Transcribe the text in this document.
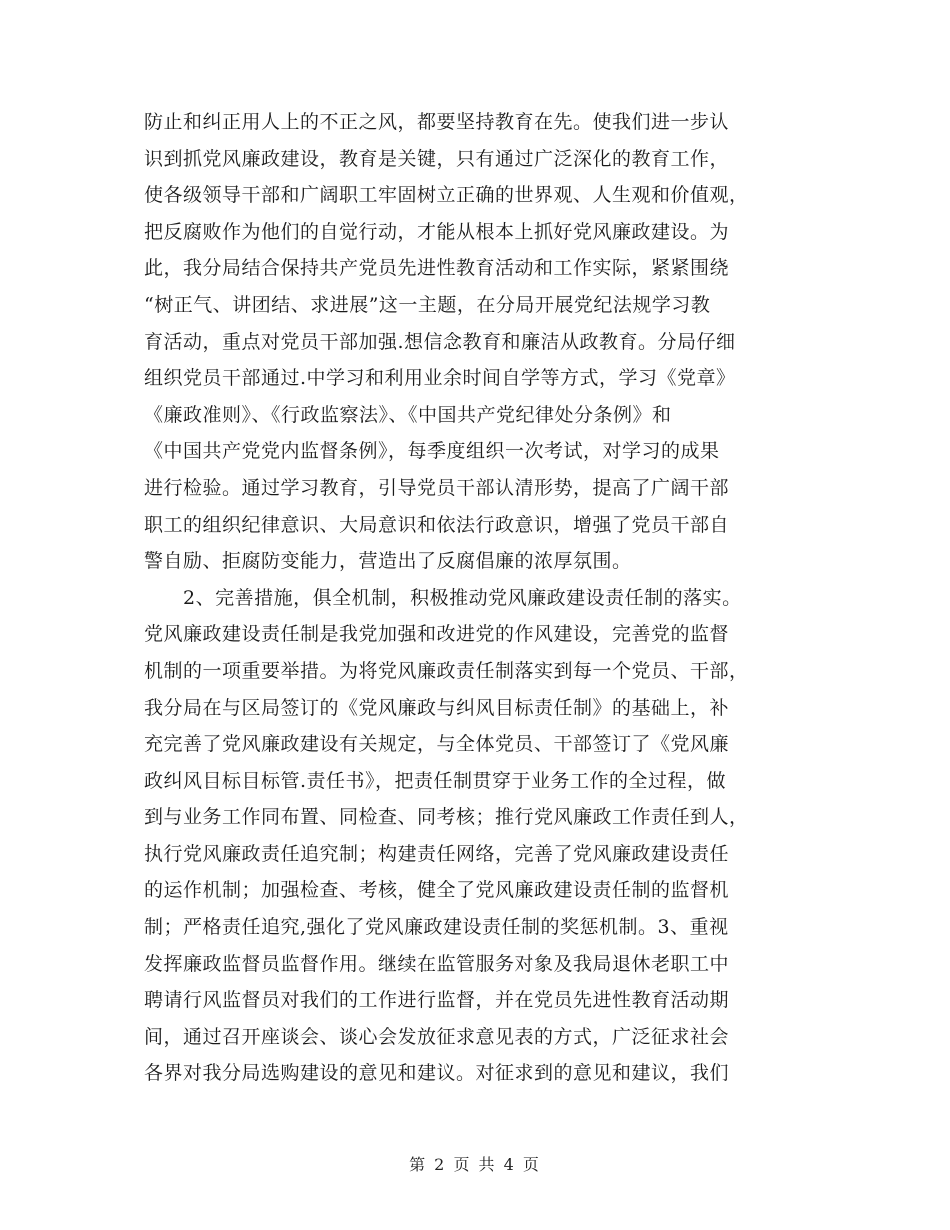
防止和纠正用人上的不正之风，都要坚持教育在先。使我们进一步认
识到抓党风廉政建设，教育是关键，只有通过广泛深化的教育工作，
使各级领导干部和广阔职工牢固树立正确的世界观、人生观和价值观，
把反腐败作为他们的自觉行动，才能从根本上抓好党风廉政建设。为
此，我分局结合保持共产党员先进性教育活动和工作实际，紧紧围绕
“树正气、讲团结、求进展”这一主题，在分局开展党纪法规学习教
育活动，重点对党员干部加强.想信念教育和廉洁从政教育。分局仔细
组织党员干部通过.中学习和利用业余时间自学等方式，学习《党章》
《廉政准则》、《行政监察法》、《中国共产党纪律处分条例》和
《中国共产党党内监督条例》，每季度组织一次考试，对学习的成果
进行检验。通过学习教育，引导党员干部认清形势，提高了广阔干部
职工的组织纪律意识、大局意识和依法行政意识，增强了党员干部自
警自励、拒腐防变能力，营造出了反腐倡廉的浓厚氛围。
2、完善措施，俱全机制，积极推动党风廉政建设责任制的落实。
党风廉政建设责任制是我党加强和改进党的作风建设，完善党的监督
机制的一项重要举措。为将党风廉政责任制落实到每一个党员、干部，
我分局在与区局签订的《党风廉政与纠风目标责任制》的基础上，补
充完善了党风廉政建设有关规定，与全体党员、干部签订了《党风廉
政纠风目标目标管.责任书》，把责任制贯穿于业务工作的全过程，做
到与业务工作同布置、同检查、同考核；推行党风廉政工作责任到人，
执行党风廉政责任追究制；构建责任网络，完善了党风廉政建设责任
的运作机制；加强检查、考核，健全了党风廉政建设责任制的监督机
制；严格责任追究,强化了党风廉政建设责任制的奖惩机制。3、重视
发挥廉政监督员监督作用。继续在监管服务对象及我局退休老职工中
聘请行风监督员对我们的工作进行监督，并在党员先进性教育活动期
间，通过召开座谈会、谈心会发放征求意见表的方式，广泛征求社会
各界对我分局选购建设的意见和建议。对征求到的意见和建议，我们
第 2 页 共 4 页
